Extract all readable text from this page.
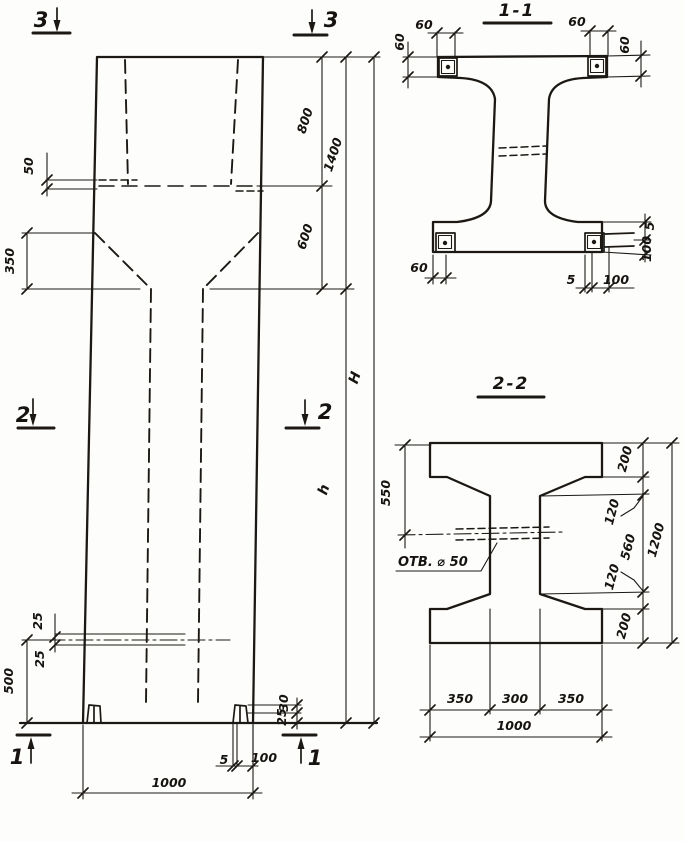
50
350
800
1400
600
H
h
25
25
500
30
25
5 100
1000
3	3
2	2
1	1
1-1
60
60
60
60
60
5 100
5
100
2-2
ОТВ. ⌀ 50
550
200
120
560
120
200
1200
350 300 350
1000
